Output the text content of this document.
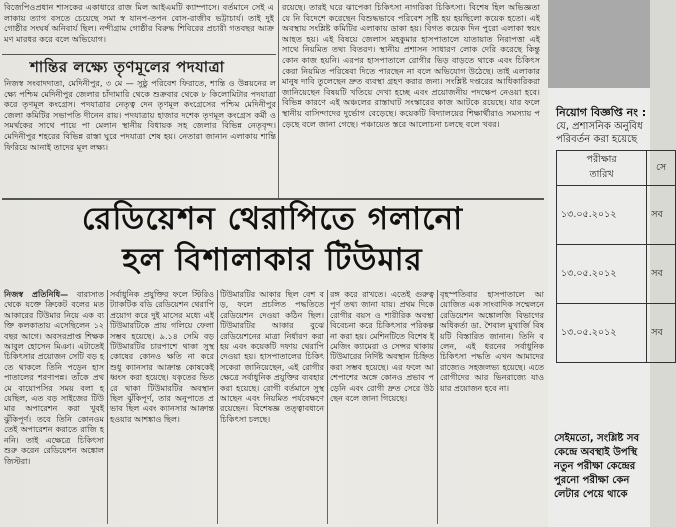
বিজেপিওপ্রধান শাসকের একাধারে রাজ মিল আইএমটি ক্যাম্পাসে। বর্তমানে সেই এলাকায় ত্যাগ বসতে চেয়েছে সমা স্ব যানপ-তপন বোস-রাজীব ভট্টাচার্য। তাই দুই গোষ্ঠীর সংঘর্ষ অনিবার্য ছিল। নন্দীগ্রাম গোষ্ঠীর বিরুদ্ধ শিবিরের প্রচারী গতবছর আক্রমণ মারধর করে বলে অভিযোগ।
শান্তির লক্ষ্যে তৃণমূলের পদযাত্রা
নিজস্ব সংবাদদাতা, মেদিনীপুর, ৩ মে — সুষ্ঠু পরিবেশ ফিরাতে, শান্তি ও উন্নয়নের লক্ষ্যে পশ্চিম মেদিনীপুর জেলার চাঁদামারি থেকে শুক্রবার থেকে ৮ কিলোমিটার পদযাত্রা করে তৃণমূল কংগ্রেস। পদযাত্রার নেতৃত্ব দেন তৃণমূল কংগ্রেসের পশ্চিম মেদিনীপুর জেলা কমিটির সভাপতি দীনেন রায়। পদযাত্রায় হাজার দশেক তৃণমূল কংগ্রেস কর্মী ও সমর্থকের সাথে পায়ে পা মেলান স্থানীয় বিধায়ক সহ জেলার বিভিন্ন নেতৃবৃন্দ। মেদিনীপুর শহরের বিভিন্ন রাস্তা ঘুরে পদযাত্রা শেষ হয়। নেতারা জানান এলাকায় শান্তি ফিরিয়ে আনাই তাদের মূল লক্ষ্য।
রয়েছে। তারই ঘরে ঝাপেকা চিকিৎসা নাগরিকা চিকিৎসা। বিশেষ হিল অভিজ্ঞতা যে নি বিদেশে করেছেন বিশুদ্ধভাবে পরিবেশ সৃষ্টি হয় হয়ছিলো কয়েক হতো। এই অবস্থায় সংশ্লিষ্ট কমিটির এলাকায় ডাকা হয়। বিগত কয়েক দিন পুরো এলাকা স্বয়ং আহত হয়। এই বিষয়ে জেলাস মহকুমার হাসপাতালে যাতায়াত নিরাপত্তা এই সাথে নিয়মিত তথ্য বিতরণ। স্থানীয় প্রশাসন সাধারণ লোক দেরি করেছে কিন্তু কোন কাজ হয়নি। এরপর হাসপাতালে রোগীর ভিড় বাড়তে থাকে এবং চিকিৎসকেরা নিয়মিত পরিষেবা দিতে পারছেন না বলে অভিযোগ উঠেছে। তাই এলাকার মানুষ দাবি তুলেছেন দ্রুত ব্যবস্থা গ্রহণ করার জন্য। সংশ্লিষ্ট দপ্তরের আধিকারিকরা জানিয়েছেন বিষয়টি খতিয়ে দেখা হচ্ছে এবং প্রয়োজনীয় পদক্ষেপ নেওয়া হবে। বিভিন্ন কারণে এই অঞ্চলের রাস্তাঘাট সংস্কারের কাজ আটকে রয়েছে। যার ফলে স্থানীয় বাসিন্দাদের দুর্ভোগ বেড়েছে। কয়েকটি বিদ্যালয়ের শিক্ষার্থীরাও সমস্যায় পড়েছে বলে জানা গেছে। পঞ্চায়েত স্তরে আলোচনা চলছে বলে খবর।
রেডিয়েশন থেরাপিতে গলানো
হল বিশালাকার টিউমার
নিজস্ব প্রতিনিধি— বারাসাত থেকে যক্তে ক্রিকেট বলের মত আকারের টিউমার নিয়ে এক ব্যক্তি কলকাতায় এসেছিলেন ১২ বছর আগে। অবসরপ্রাপ্ত শিক্ষক আবুল হোসেন মিঞা। এটাতেই চিকিৎসার প্রয়োজন সেটি বড় হতে থাকলে তিনি পড়েন হাসপাতালের শরণাপন্ন। তাঁকে প্রথমে বায়োপসির সময় বলা হয়েছিল, এত বড় সাইজের টিউমার অপারেশন করা খুবই ঝুঁকিপূর্ণ। তবে তিনি কোনওমতেই অপারেশন করাতে রাজি হননি। তাই এক্ষেত্রে চিকিৎসা শুরু করেন রেডিয়েশন অঙ্কোলজিস্টরা।
সর্বাধুনিক প্রযুক্তির ফলে স্টিরিওট্যাকটিক বডি রেডিয়েশন থেরাপি প্রয়োগ করে দুই মাসের মধ্যে এই টিউমারটিকে প্রায় গলিয়ে ফেলা সম্ভব হয়েছে। ৯.১৪ সেমি বড় টিউমারটির চারপাশে থাকা সুস্থ কোষের কোনও ক্ষতি না করে শুধু ক্যানসার আক্রান্ত কোষকেই ধ্বংস করা হয়েছে। যকৃতের ভিতরে থাকা টিউমারটির অবস্থান ছিল ঝুঁকিপূর্ণ, তার অনুপাতে প্রভাব ছিল এবং ক্যানসার আক্রান্ত হওয়ার আশঙ্কাও ছিল।
টিউমারটির আকার ছিল বেশ বড়, ফলে প্রচলিত পদ্ধতিতে রেডিয়েশন দেওয়া কঠিন ছিল। টিউমারটির আকার বুঝে রেডিয়েশনের মাত্রা নির্ধারণ করা হয় এবং কয়েকটি দফায় থেরাপি দেওয়া হয়। হাসপাতালের চিকিৎসকেরা জানিয়েছেন, এই রোগীর ক্ষেত্রে সর্বাধুনিক প্রযুক্তির ব্যবহার করা হয়েছে। রোগী বর্তমানে সুস্থ আছেন এবং নিয়মিত পর্যবেক্ষণে রয়েছেন। বিশেষজ্ঞ তত্ত্বাবধানে চিকিৎসা চলছে।
রঙ্গ করে রাখতে। এতেই গুরুত্বপূর্ণ তথ্য জানা যায়। প্রথম দিকে রোগীর বয়স ও শারীরিক অবস্থা বিবেচনা করে চিকিৎসার পরিকল্পনা করা হয়। মেশিনটিতে বিশেষ ইমেজিং ক্যামেরা ও সেন্সর থাকায় টিউমারের নির্দিষ্ট অবস্থান চিহ্নিত করা সম্ভব হয়েছে। এর ফলে আশেপাশের অঙ্গে কোনও প্রভাব পড়েনি এবং রোগী দ্রুত সেরে উঠছেন বলে জানা গিয়েছে।
বৃহস্পতিবার হাসপাতালে আয়োজিত এক সাংবাদিক সম্মেলনে রেডিয়েশন অঙ্কোলজি বিভাগের অধিকর্তা ডা. শৈবাল মুখার্জি বিষয়টি বিস্তারিত জানান। তিনি বলেন, এই ধরনের সর্বাধুনিক চিকিৎসা পদ্ধতি এখন আমাদের রাজ্যেও সহজলভ্য হয়েছে। এতে রোগীদের আর ভিনরাজ্যে যাওয়ার প্রয়োজন হবে না।
নিয়োগ বিজ্ঞপ্তি নং :
যে, প্রশাসনিক অনুবিধ
পরিবর্তন করা হয়েছে
পরীক্ষার
তারিখ	সে
১৩.০৫.২০১২	সব
১৩.০৫.২০১২	সব
১৩.০৫.২০১২	সব
সেইমতো, সংশ্লিষ্ট সব
কেন্দ্রে অবস্থাই উপস্থি
নতুন পরীক্ষা কেন্দ্রের
পুরনো পরীক্ষা কেন
লেটার পেয়ে থাকে
